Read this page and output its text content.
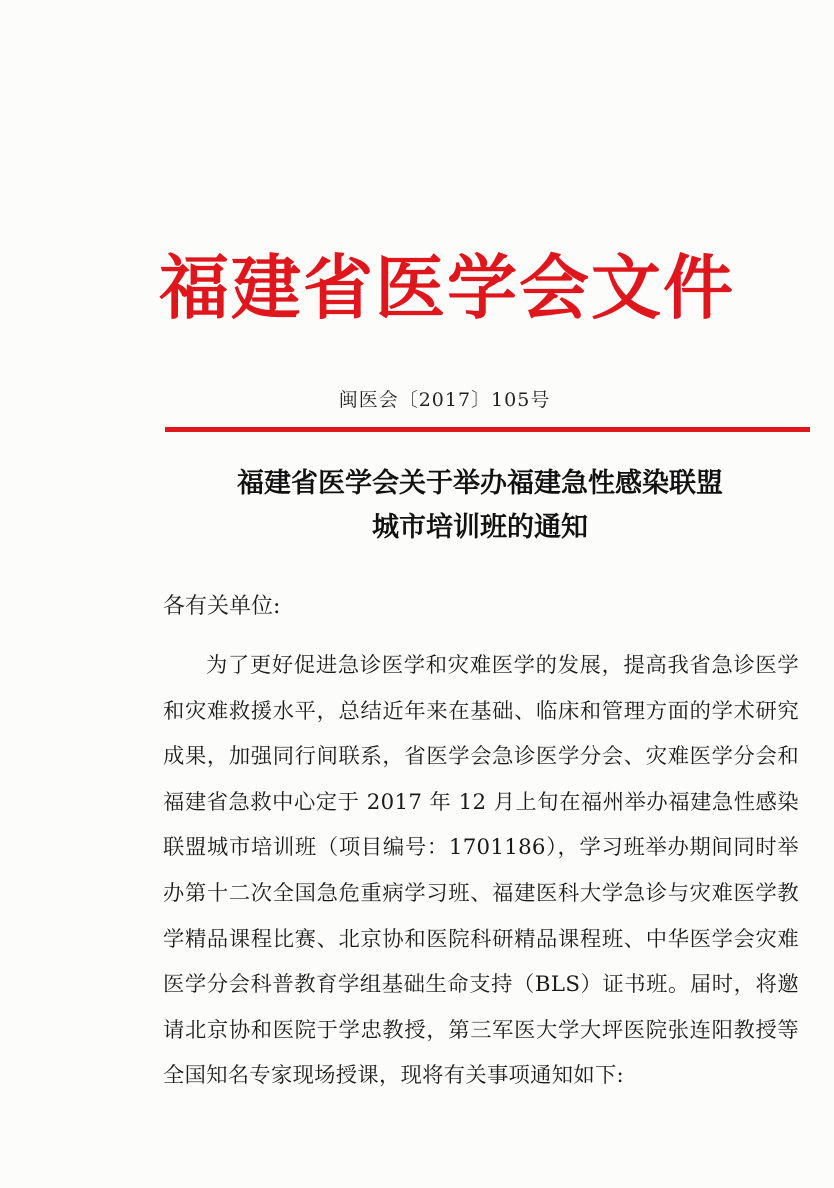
福建省医学会文件
闽医会〔2017〕105号
福建省医学会关于举办福建急性感染联盟
城市培训班的通知
各有关单位:
为了更好促进急诊医学和灾难医学的发展，提高我省急诊医学和灾难救援水平，总结近年来在基础、临床和管理方面的学术研究成果，加强同行间联系，省医学会急诊医学分会、灾难医学分会和福建省急救中心定于 2017 年 12 月上旬在福州举办福建急性感染联盟城市培训班（项目编号：1701186），学习班举办期间同时举办第十二次全国急危重病学习班、福建医科大学急诊与灾难医学教学精品课程比赛、北京协和医院科研精品课程班、中华医学会灾难医学分会科普教育学组基础生命支持（BLS）证书班。届时，将邀请北京协和医院于学忠教授，第三军医大学大坪医院张连阳教授等全国知名专家现场授课，现将有关事项通知如下:
